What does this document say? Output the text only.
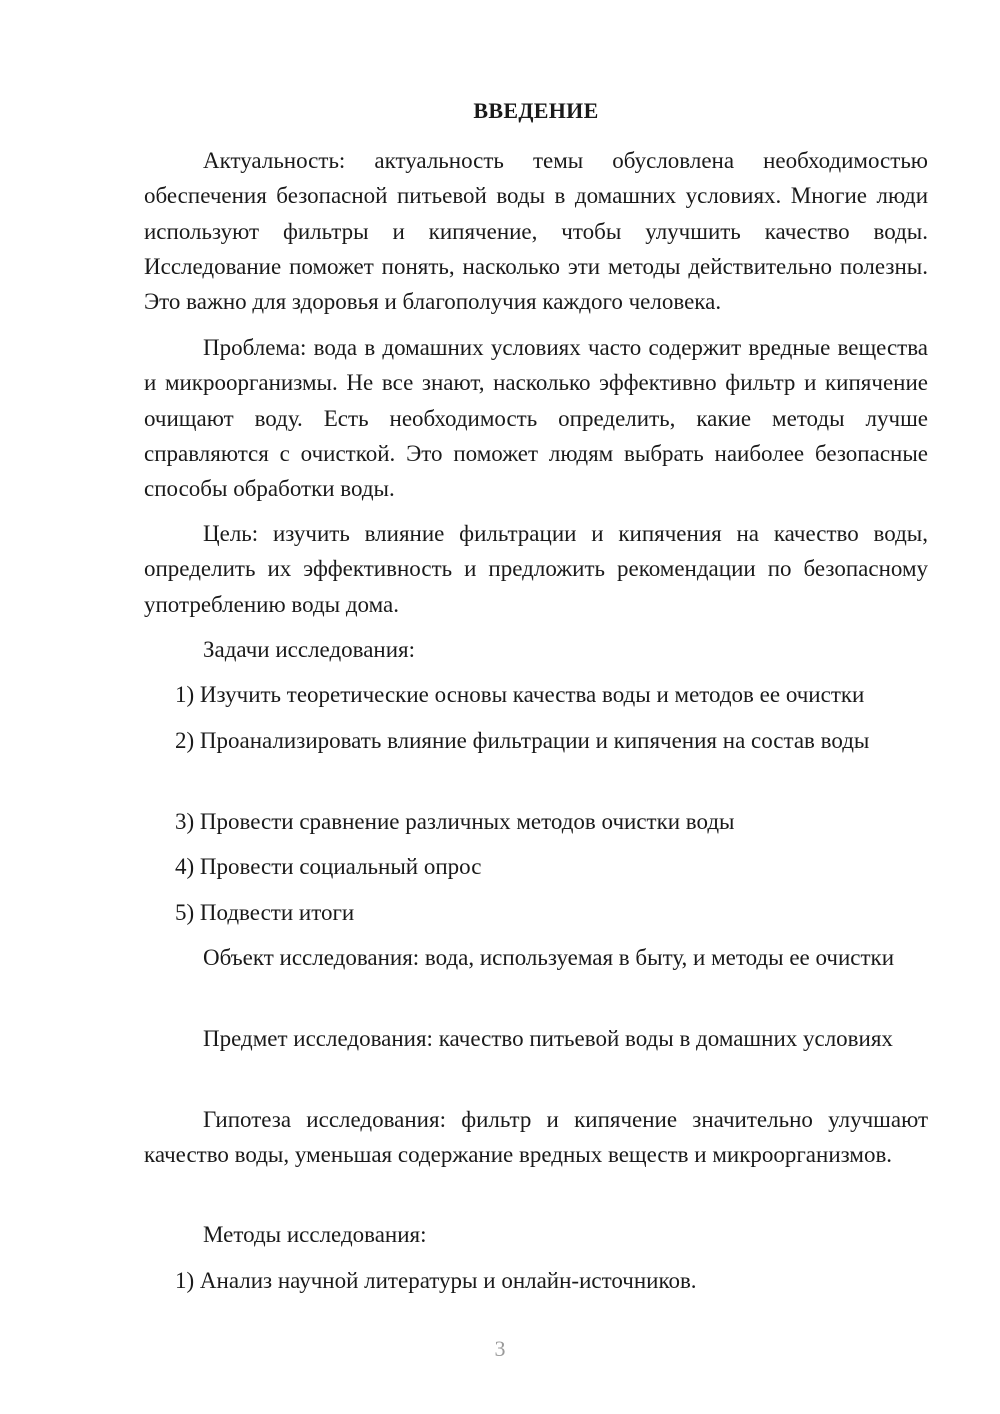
ВВЕДЕНИЕ

Актуальность: актуальность темы обусловлена необходимостью обеспечения безопасной питьевой воды в домашних условиях. Многие люди используют фильтры и кипячение, чтобы улучшить качество воды. Исследование поможет понять, насколько эти методы действительно полезны. Это важно для здоровья и благополучия каждого человека.

Проблема: вода в домашних условиях часто содержит вредные вещества и микроорганизмы. Не все знают, насколько эффективно фильтр и кипячение очищают воду. Есть необходимость определить, какие методы лучше справляются с очисткой. Это поможет людям выбрать наиболее безопасные способы обработки воды.

Цель: изучить влияние фильтрации и кипячения на качество воды, определить их эффективность и предложить рекомендации по безопасному употреблению воды дома.

Задачи исследования:

1) Изучить теоретические основы качества воды и методов ее очистки

2) Проанализировать влияние фильтрации и кипячения на состав воды

3) Провести сравнение различных методов очистки воды

4) Провести социальный опрос

5) Подвести итоги

Объект исследования: вода, используемая в быту, и методы ее очистки

Предмет исследования: качество питьевой воды в домашних условиях

Гипотеза исследования: фильтр и кипячение значительно улучшают качество воды, уменьшая содержание вредных веществ и микроорганизмов.

Методы исследования:

1) Анализ научной литературы и онлайн-источников.

3
